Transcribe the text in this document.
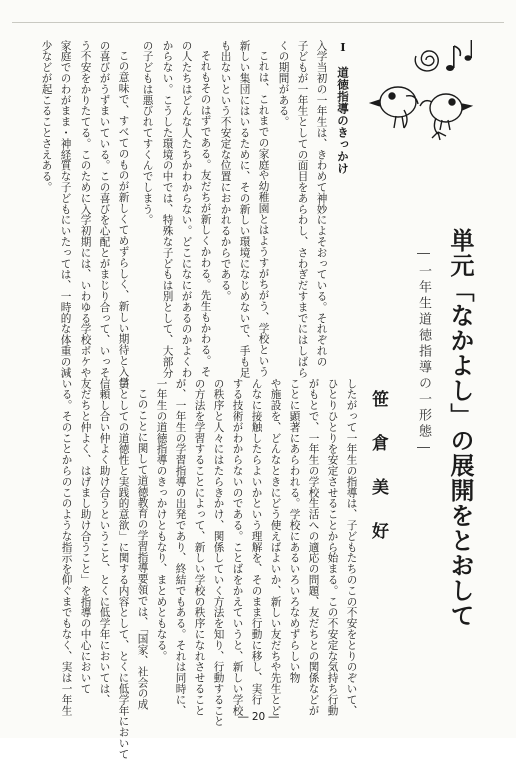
Ⅰ　道徳指導のきっかけ
入学当初の一年生は、きわめて神妙によそおっている。それぞれの
子どもが一年生としての面目をあらわし、さわぎだすまでにはしばら
くの期間がある。
これは、これまでの家庭や幼稚園とはようすがちがう、学校という
新しい集団にはいるために、その新しい環境になじめないで、手も足
も出ないという不安定な位置におかれるからである。
それもそのはずである。友だちが新しくかわる。先生もかわる。そ
の人たちはどんな人たちかわからない。どこになにがあるのかよくわ
からない。こうした環境の中では、特殊な子どもは別として、大部分
の子どもは悪びれてすくんでしまう。
この意味で、すべてのものが新しくてめずらしく、新しい期待と入学
の喜びがうずまいている。この喜びを心配とがまじり合って、いっそ
う不安をかりたてる。このために入学初期には、いわゆる学校ボケや
家庭でのわがまま・神経質な子どもにいたっては、一時的な体重の減
少などが起こることさえある。
単元「なかよし」の展開をとおして
―一年生道徳指導の一形態―
笹倉美好
したがって一年生の指導は、子どもたちのこの不安をとりのぞいて、
ひとりひとりを安定させることから始まる。この不安定な気持ち行動
がもとで、一年生の学校生活への適応の問題、友だちとの関係などが
ことに顕著にあらわれる。学校にあるいろいろなめずらしい物
や施設を、どんなときにどう使えばよいか、新しい友だちや先生とど
んなに接触したらよいかという理解を、そのまま行動に移し、実行
する技術がわからないのである。ことばをかえていうと、新しい学校
の秩序と人々にはたらきかけ、関係していく方法を知り、行動すること
の方法を学習することによって、新しい学校の秩序になれさせること
が、一年生の学習指導の出発であり、終結でもある。それは同時に、
一年生の道徳指導のきっかけともなり、まとめともなる。
このことに関して道徳教育の学習指導要領では、「国家、社会の成
員としての道徳性と実践的意欲」に関する内容として、とくに低学年において
信頼し合い仲よく助け合うということ、とくに低学年においては、
友だちと仲よく、はげまし助け合うこと」を指導の中心において
いる。そのことからのこのような指示を仰ぐまでもなく、実は一年生
― 20 ―
